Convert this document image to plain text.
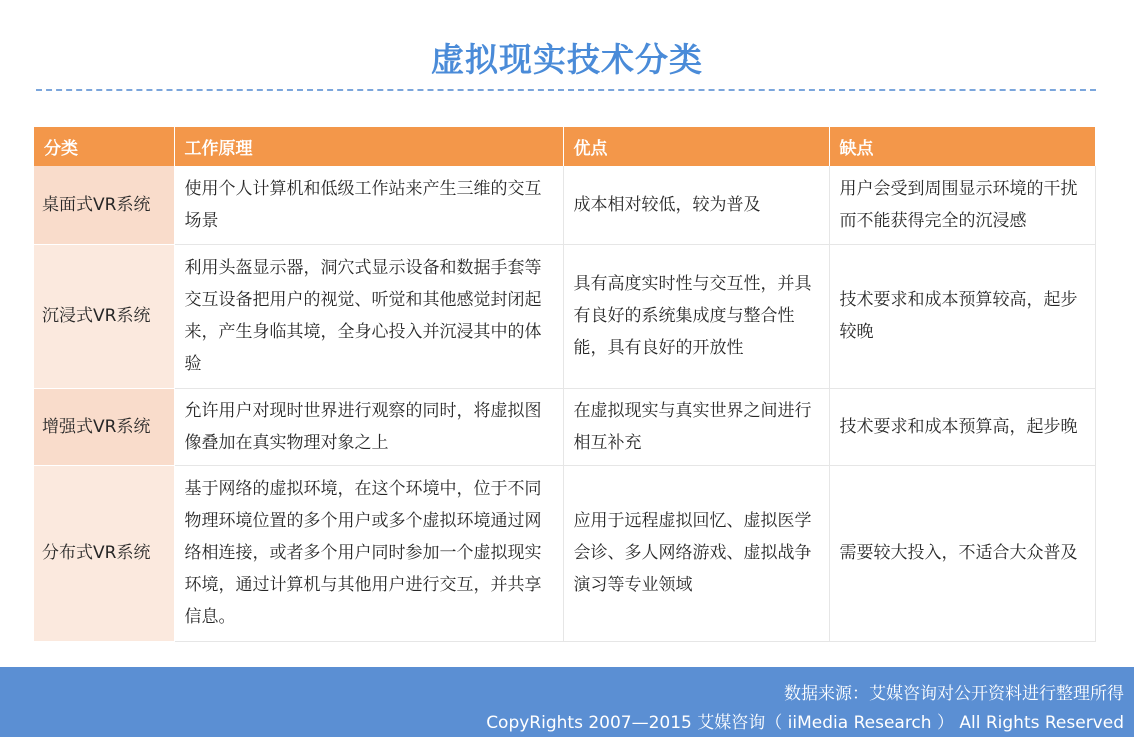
虚拟现实技术分类
分类	工作原理	优点	缺点
桌面式VR系统	使用个人计算机和低级工作站来产生三维的交互场景	成本相对较低，较为普及	用户会受到周围显示环境的干扰而不能获得完全的沉浸感
沉浸式VR系统	利用头盔显示器，洞穴式显示设备和数据手套等交互设备把用户的视觉、听觉和其他感觉封闭起来，产生身临其境，全身心投入并沉浸其中的体验	具有高度实时性与交互性，并具有良好的系统集成度与整合性能，具有良好的开放性	技术要求和成本预算较高，起步较晚
增强式VR系统	允许用户对现时世界进行观察的同时，将虚拟图像叠加在真实物理对象之上	在虚拟现实与真实世界之间进行相互补充	技术要求和成本预算高，起步晚
分布式VR系统	基于网络的虚拟环境，在这个环境中，位于不同物理环境位置的多个用户或多个虚拟环境通过网络相连接，或者多个用户同时参加一个虚拟现实环境，通过计算机与其他用户进行交互，并共享信息。	应用于远程虚拟回忆、虚拟医学会诊、多人网络游戏、虚拟战争演习等专业领域	需要较大投入，不适合大众普及
数据来源：艾媒咨询对公开资料进行整理所得
CopyRights 2007—2015 艾媒咨询（ iiMedia Research ） All Rights Reserved
